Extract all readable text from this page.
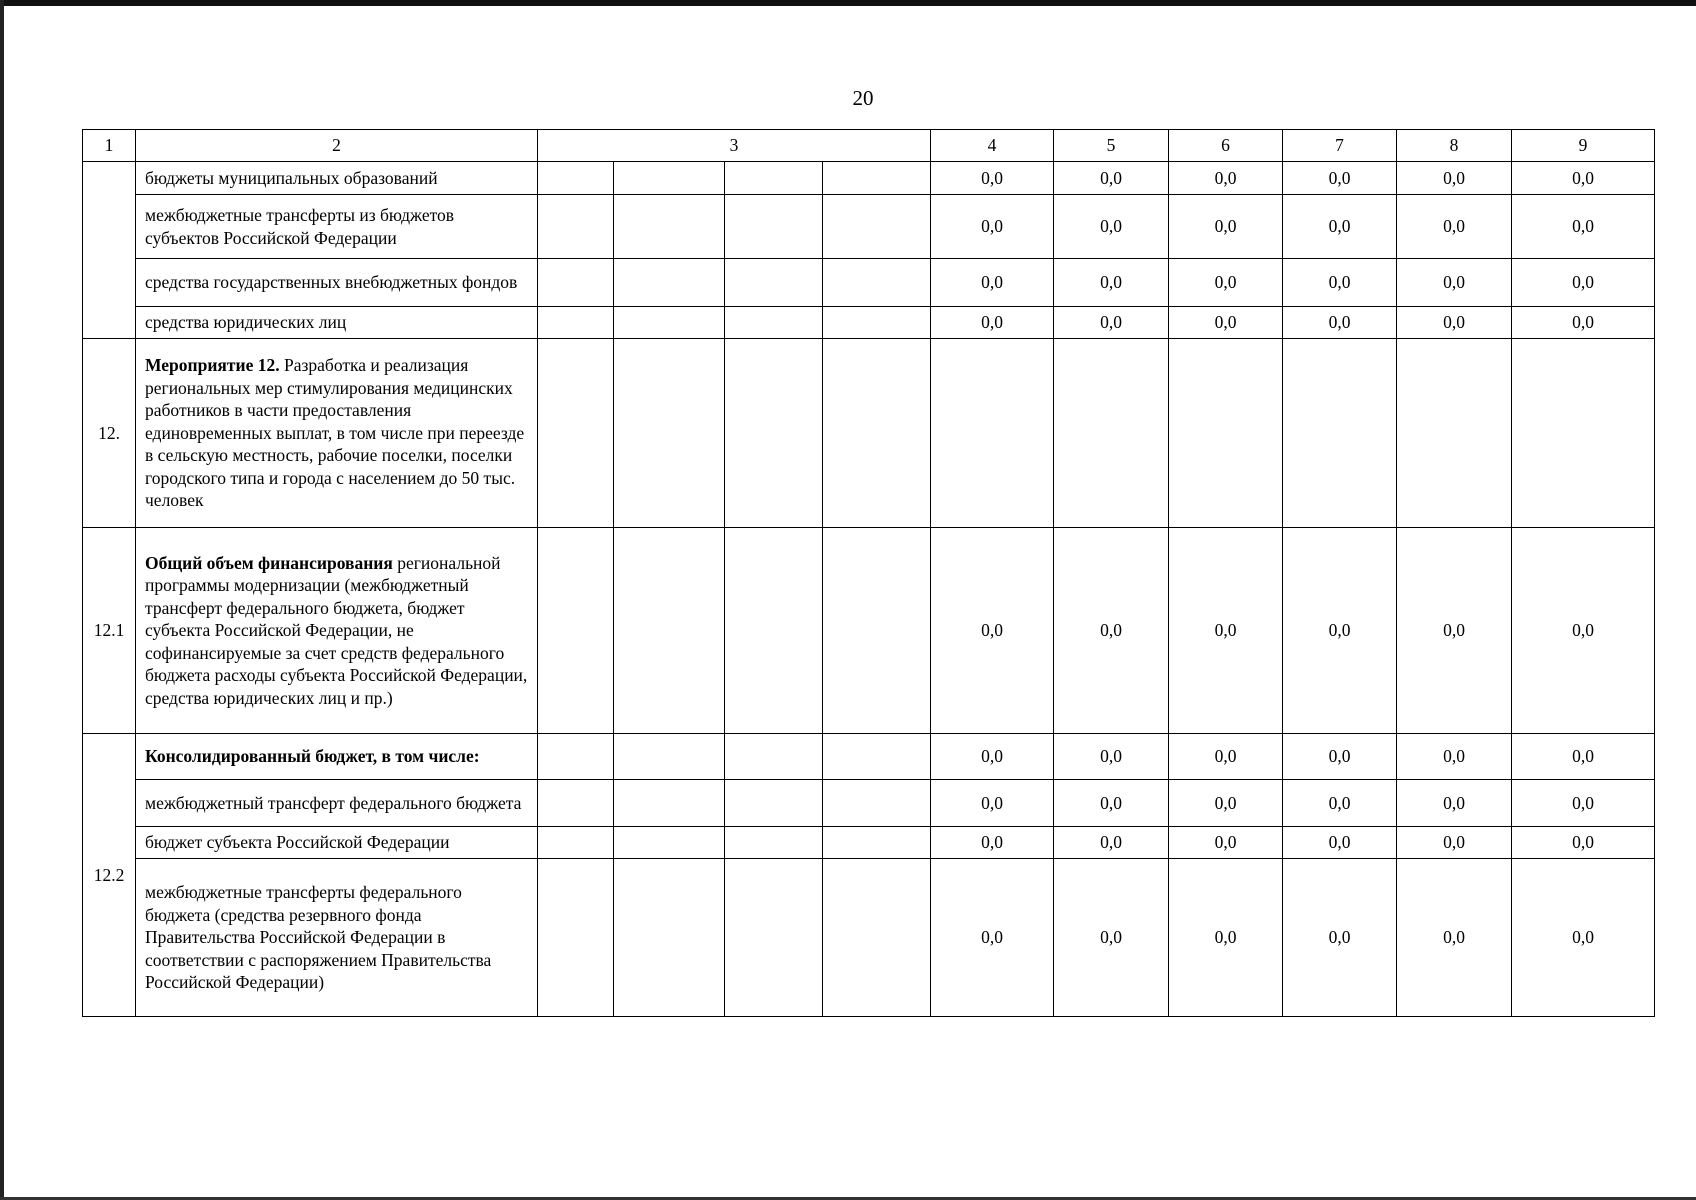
20
1	2	3				4	5	6	7	8	9
	бюджеты муниципальных образований					0,0	0,0	0,0	0,0	0,0	0,0
	межбюджетные трансферты из бюджетов субъектов Российской Федерации					0,0	0,0	0,0	0,0	0,0	0,0
	средства государственных внебюджетных фондов					0,0	0,0	0,0	0,0	0,0	0,0
	средства юридических лиц					0,0	0,0	0,0	0,0	0,0	0,0
12.	Мероприятие 12. Разработка и реализация региональных мер стимулирования медицинских работников в части предоставления единовременных выплат, в том числе при переезде в сельскую местность, рабочие поселки, поселки городского типа и города с населением до 50 тыс. человек										
12.1	Общий объем финансирования региональной программы модернизации (межбюджетный трансферт федерального бюджета, бюджет субъекта Российской Федерации, не софинансируемые за счет средств федерального бюджета расходы субъекта Российской Федерации, средства юридических лиц и пр.)					0,0	0,0	0,0	0,0	0,0	0,0
12.2	Консолидированный бюджет, в том числе:					0,0	0,0	0,0	0,0	0,0	0,0
	межбюджетный трансферт федерального бюджета					0,0	0,0	0,0	0,0	0,0	0,0
	бюджет субъекта Российской Федерации					0,0	0,0	0,0	0,0	0,0	0,0
	межбюджетные трансферты федерального бюджета (средства резервного фонда Правительства Российской Федерации в соответствии с распоряжением Правительства Российской Федерации)					0,0	0,0	0,0	0,0	0,0	0,0
